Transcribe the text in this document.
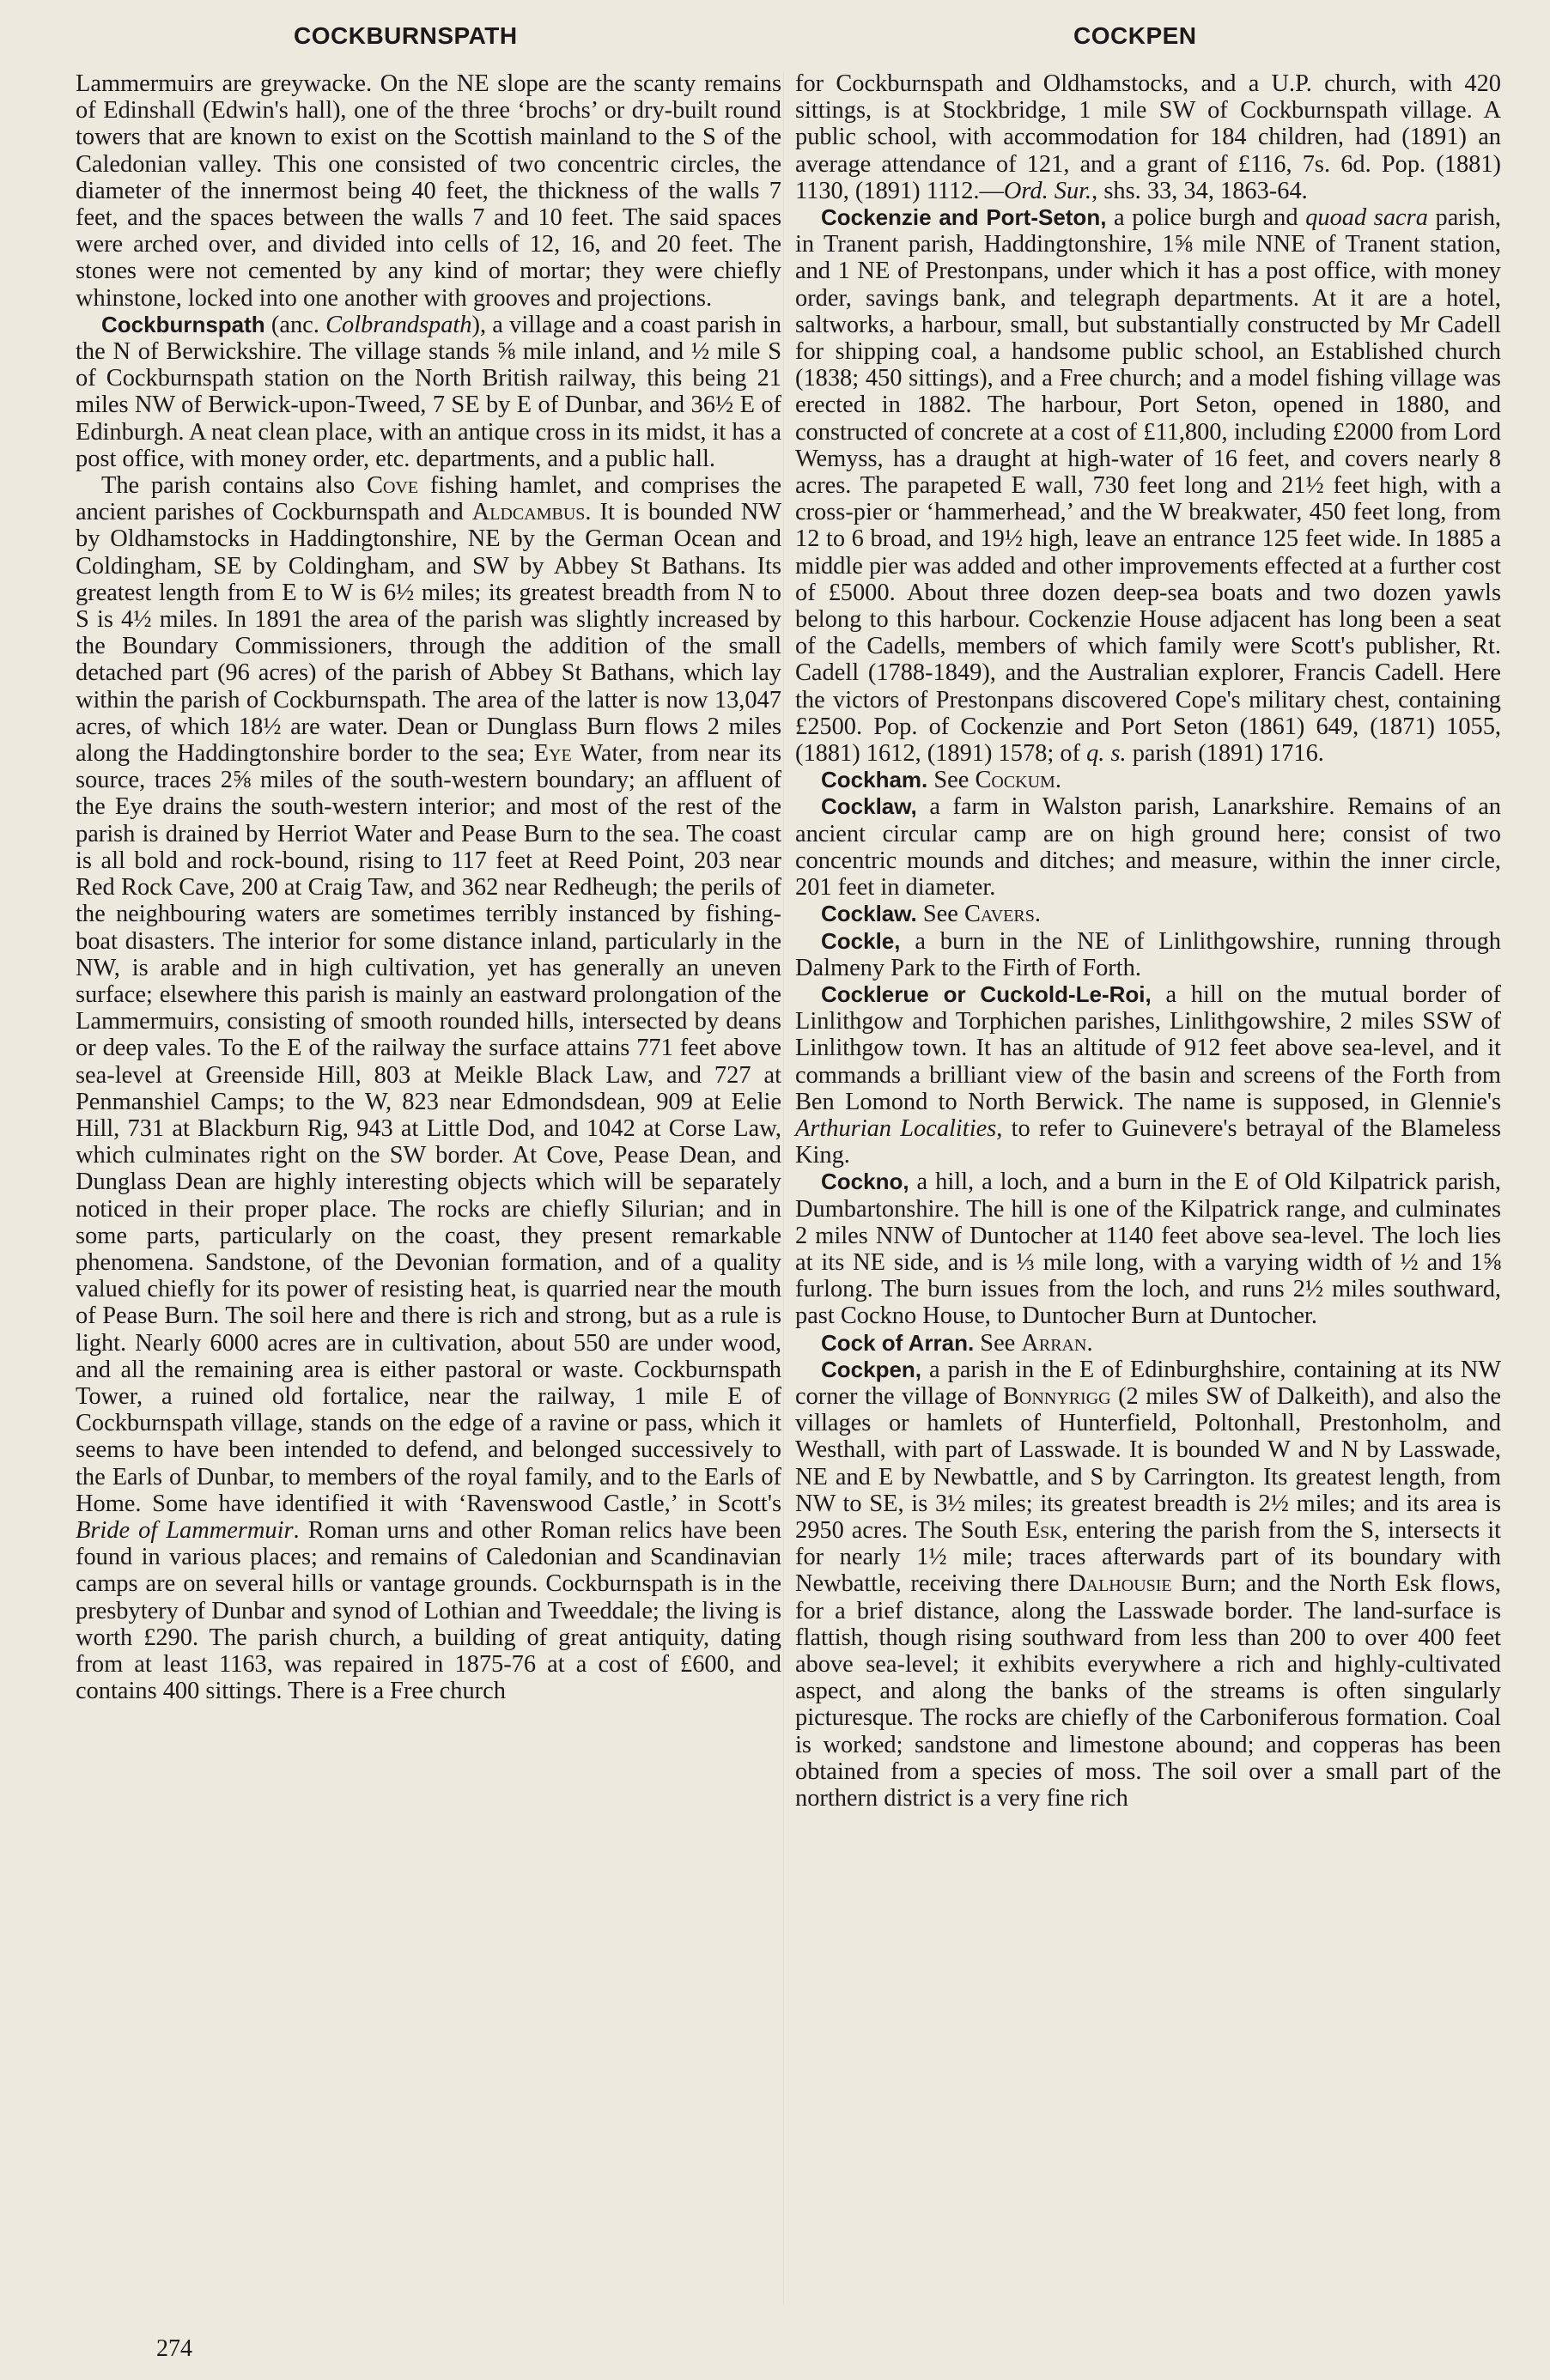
COCKBURNSPATH	COCKPEN

Lammermuirs are greywacke. On the NE slope are the scanty remains of Edinshall (Edwin's hall), one of the three ‘brochs’ or dry-built round towers that are known to exist on the Scottish mainland to the S of the Caledonian valley. This one consisted of two concentric circles, the diameter of the innermost being 40 feet, the thickness of the walls 7 feet, and the spaces between the walls 7 and 10 feet. The said spaces were arched over, and divided into cells of 12, 16, and 20 feet. The stones were not cemented by any kind of mortar; they were chiefly whinstone, locked into one another with grooves and projections.

Cockburnspath (anc. Colbrandspath), a village and a coast parish in the N of Berwickshire. The village stands ⅝ mile inland, and ½ mile S of Cockburnspath station on the North British railway, this being 21 miles NW of Berwick-upon-Tweed, 7 SE by E of Dunbar, and 36½ E of Edinburgh. A neat clean place, with an antique cross in its midst, it has a post office, with money order, etc. departments, and a public hall.

The parish contains also Cove fishing hamlet, and comprises the ancient parishes of Cockburnspath and Aldcambus. It is bounded NW by Oldhamstocks in Haddingtonshire, NE by the German Ocean and Coldingham, SE by Coldingham, and SW by Abbey St Bathans. Its greatest length from E to W is 6½ miles; its greatest breadth from N to S is 4½ miles. In 1891 the area of the parish was slightly increased by the Boundary Commissioners, through the addition of the small detached part (96 acres) of the parish of Abbey St Bathans, which lay within the parish of Cockburnspath. The area of the latter is now 13,047 acres, of which 18½ are water. Dean or Dunglass Burn flows 2 miles along the Haddingtonshire border to the sea; Eye Water, from near its source, traces 2⅝ miles of the south-western boundary; an affluent of the Eye drains the south-western interior; and most of the rest of the parish is drained by Herriot Water and Pease Burn to the sea. The coast is all bold and rock-bound, rising to 117 feet at Reed Point, 203 near Red Rock Cave, 200 at Craig Taw, and 362 near Redheugh; the perils of the neighbouring waters are sometimes terribly instanced by fishing-boat disasters. The interior for some distance inland, particularly in the NW, is arable and in high cultivation, yet has generally an uneven surface; elsewhere this parish is mainly an eastward prolongation of the Lammermuirs, consisting of smooth rounded hills, intersected by deans or deep vales. To the E of the railway the surface attains 771 feet above sea-level at Greenside Hill, 803 at Meikle Black Law, and 727 at Penmanshiel Camps; to the W, 823 near Edmondsdean, 909 at Eelie Hill, 731 at Blackburn Rig, 943 at Little Dod, and 1042 at Corse Law, which culminates right on the SW border. At Cove, Pease Dean, and Dunglass Dean are highly interesting objects which will be separately noticed in their proper place. The rocks are chiefly Silurian; and in some parts, particularly on the coast, they present remarkable phenomena. Sandstone, of the Devonian formation, and of a quality valued chiefly for its power of resisting heat, is quarried near the mouth of Pease Burn. The soil here and there is rich and strong, but as a rule is light. Nearly 6000 acres are in cultivation, about 550 are under wood, and all the remaining area is either pastoral or waste. Cockburnspath Tower, a ruined old fortalice, near the railway, 1 mile E of Cockburnspath village, stands on the edge of a ravine or pass, which it seems to have been intended to defend, and belonged successively to the Earls of Dunbar, to members of the royal family, and to the Earls of Home. Some have identified it with ‘Ravenswood Castle,’ in Scott's Bride of Lammermuir. Roman urns and other Roman relics have been found in various places; and remains of Caledonian and Scandinavian camps are on several hills or vantage grounds. Cockburnspath is in the presbytery of Dunbar and synod of Lothian and Tweeddale; the living is worth £290. The parish church, a building of great antiquity, dating from at least 1163, was repaired in 1875-76 at a cost of £600, and contains 400 sittings. There is a Free church

for Cockburnspath and Oldhamstocks, and a U.P. church, with 420 sittings, is at Stockbridge, 1 mile SW of Cockburnspath village. A public school, with accommodation for 184 children, had (1891) an average attendance of 121, and a grant of £116, 7s. 6d. Pop. (1881) 1130, (1891) 1112.—Ord. Sur., shs. 33, 34, 1863-64.

Cockenzie and Port-Seton, a police burgh and quoad sacra parish, in Tranent parish, Haddingtonshire, 1⅝ mile NNE of Tranent station, and 1 NE of Prestonpans, under which it has a post office, with money order, savings bank, and telegraph departments. At it are a hotel, saltworks, a harbour, small, but substantially constructed by Mr Cadell for shipping coal, a handsome public school, an Established church (1838; 450 sittings), and a Free church; and a model fishing village was erected in 1882. The harbour, Port Seton, opened in 1880, and constructed of concrete at a cost of £11,800, including £2000 from Lord Wemyss, has a draught at high-water of 16 feet, and covers nearly 8 acres. The parapeted E wall, 730 feet long and 21½ feet high, with a cross-pier or ‘hammerhead,’ and the W breakwater, 450 feet long, from 12 to 6 broad, and 19½ high, leave an entrance 125 feet wide. In 1885 a middle pier was added and other improvements effected at a further cost of £5000. About three dozen deep-sea boats and two dozen yawls belong to this harbour. Cockenzie House adjacent has long been a seat of the Cadells, members of which family were Scott's publisher, Rt. Cadell (1788-1849), and the Australian explorer, Francis Cadell. Here the victors of Prestonpans discovered Cope's military chest, containing £2500. Pop. of Cockenzie and Port Seton (1861) 649, (1871) 1055, (1881) 1612, (1891) 1578; of q. s. parish (1891) 1716.

Cockham. See Cockum.

Cocklaw, a farm in Walston parish, Lanarkshire. Remains of an ancient circular camp are on high ground here; consist of two concentric mounds and ditches; and measure, within the inner circle, 201 feet in diameter.

Cocklaw. See Cavers.

Cockle, a burn in the NE of Linlithgowshire, running through Dalmeny Park to the Firth of Forth.

Cocklerue or Cuckold-Le-Roi, a hill on the mutual border of Linlithgow and Torphichen parishes, Linlithgowshire, 2 miles SSW of Linlithgow town. It has an altitude of 912 feet above sea-level, and it commands a brilliant view of the basin and screens of the Forth from Ben Lomond to North Berwick. The name is supposed, in Glennie's Arthurian Localities, to refer to Guinevere's betrayal of the Blameless King.

Cockno, a hill, a loch, and a burn in the E of Old Kilpatrick parish, Dumbartonshire. The hill is one of the Kilpatrick range, and culminates 2 miles NNW of Duntocher at 1140 feet above sea-level. The loch lies at its NE side, and is ⅓ mile long, with a varying width of ½ and 1⅝ furlong. The burn issues from the loch, and runs 2½ miles southward, past Cockno House, to Duntocher Burn at Duntocher.

Cock of Arran. See Arran.

Cockpen, a parish in the E of Edinburghshire, containing at its NW corner the village of Bonnyrigg (2 miles SW of Dalkeith), and also the villages or hamlets of Hunterfield, Poltonhall, Prestonholm, and Westhall, with part of Lasswade. It is bounded W and N by Lasswade, NE and E by Newbattle, and S by Carrington. Its greatest length, from NW to SE, is 3½ miles; its greatest breadth is 2½ miles; and its area is 2950 acres. The South Esk, entering the parish from the S, intersects it for nearly 1½ mile; traces afterwards part of its boundary with Newbattle, receiving there Dalhousie Burn; and the North Esk flows, for a brief distance, along the Lasswade border. The land-surface is flattish, though rising southward from less than 200 to over 400 feet above sea-level; it exhibits everywhere a rich and highly-cultivated aspect, and along the banks of the streams is often singularly picturesque. The rocks are chiefly of the Carboniferous formation. Coal is worked; sandstone and limestone abound; and copperas has been obtained from a species of moss. The soil over a small part of the northern district is a very fine rich

274
